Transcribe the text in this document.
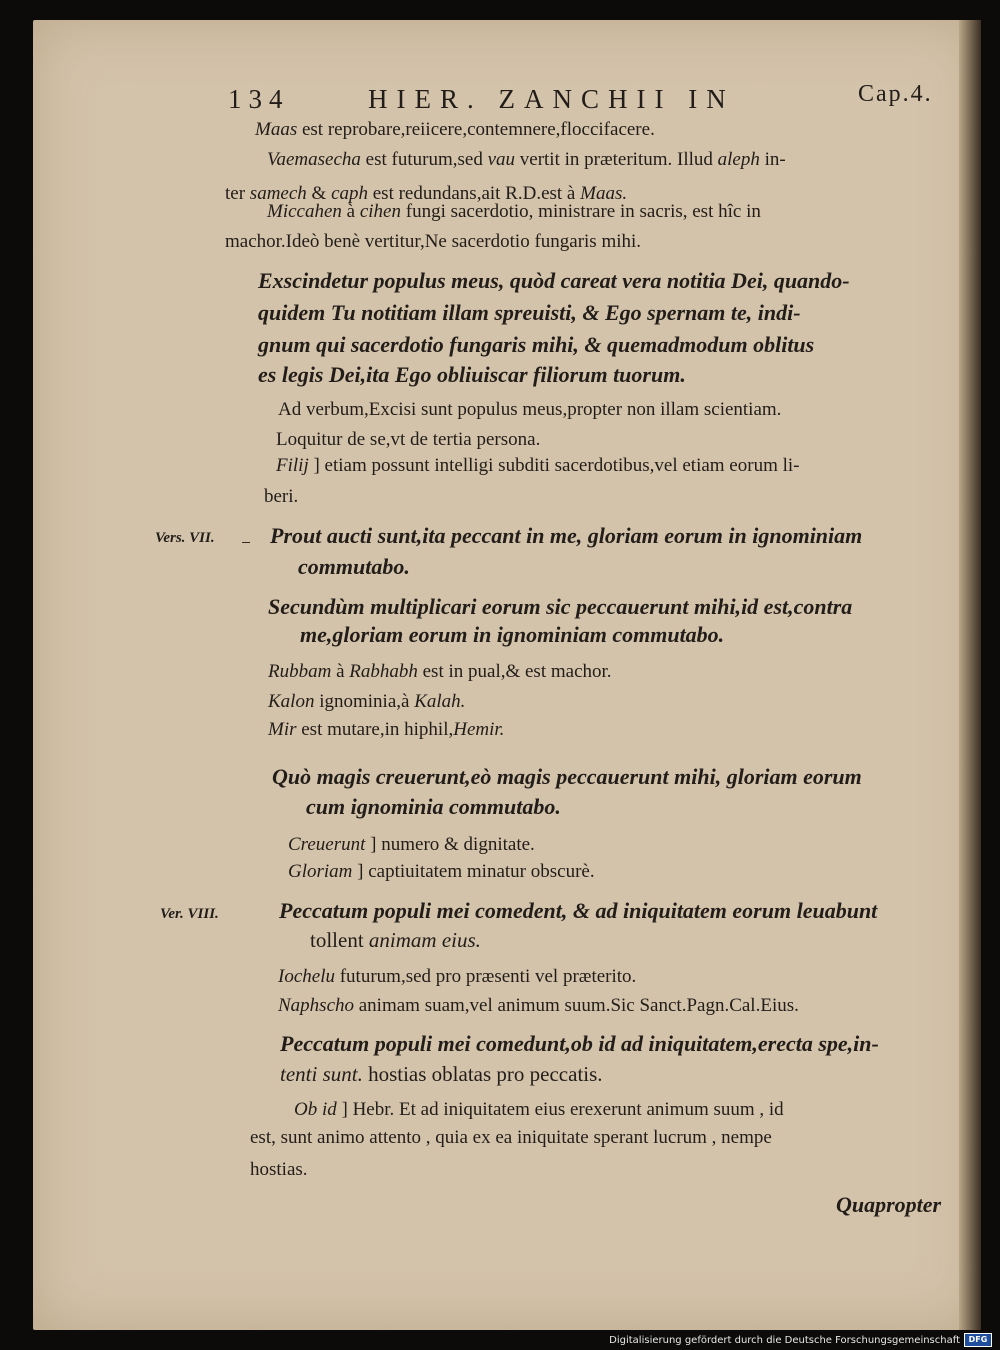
134	HIER. ZANCHII IN	Cap.4.
Vers. VII.
Ver. VIII.
Maas est reprobare,reiicere,contemnere,floccifacere.
Vaemasecha est futurum,sed vau vertit in præteritum. Illud aleph in-
ter samech & caph est redundans,ait R.D.est à Maas.
Miccahen à cihen fungi sacerdotio, ministrare in sacris, est hîc in
machor.Ideò benè vertitur,Ne sacerdotio fungaris mihi.
Exscindetur populus meus, quòd careat vera notitia Dei, quando-
quidem Tu notitiam illam spreuisti, & Ego spernam te, indi-
gnum qui sacerdotio fungaris mihi, & quemadmodum oblitus
es legis Dei,ita Ego obliuiscar filiorum tuorum.
Ad verbum,Excisi sunt populus meus,propter non illam scientiam.
Loquitur de se,vt de tertia persona.
Filij ] etiam possunt intelligi subditi sacerdotibus,vel etiam eorum li-
beri.
Prout aucti sunt,ita peccant in me, gloriam eorum in ignominiam
commutabo.
Secundùm multiplicari eorum sic peccauerunt mihi,id est,contra
me,gloriam eorum in ignominiam commutabo.
Rubbam à Rabhabh est in pual,& est machor.
Kalon ignominia,à Kalah.
Mir est mutare,in hiphil,Hemir.
Quò magis creuerunt,eò magis peccauerunt mihi, gloriam eorum
cum ignominia commutabo.
Creuerunt ] numero & dignitate.
Gloriam ] captiuitatem minatur obscurè.
Peccatum populi mei comedent, & ad iniquitatem eorum leuabunt
tollent animam eius.
Iochelu futurum,sed pro præsenti vel præterito.
Naphscho animam suam,vel animum suum.Sic Sanct.Pagn.Cal.Eius.
Peccatum populi mei comedunt,ob id ad iniquitatem,erecta spe,in-
tenti sunt. hostias oblatas pro peccatis.
Ob id ] Hebr. Et ad iniquitatem eius erexerunt animum suum , id
est, sunt animo attento , quia ex ea iniquitate sperant lucrum , nempe
hostias.
Quapropter
Digitalisierung gefördert durch die Deutsche Forschungsgemeinschaft	DFG
